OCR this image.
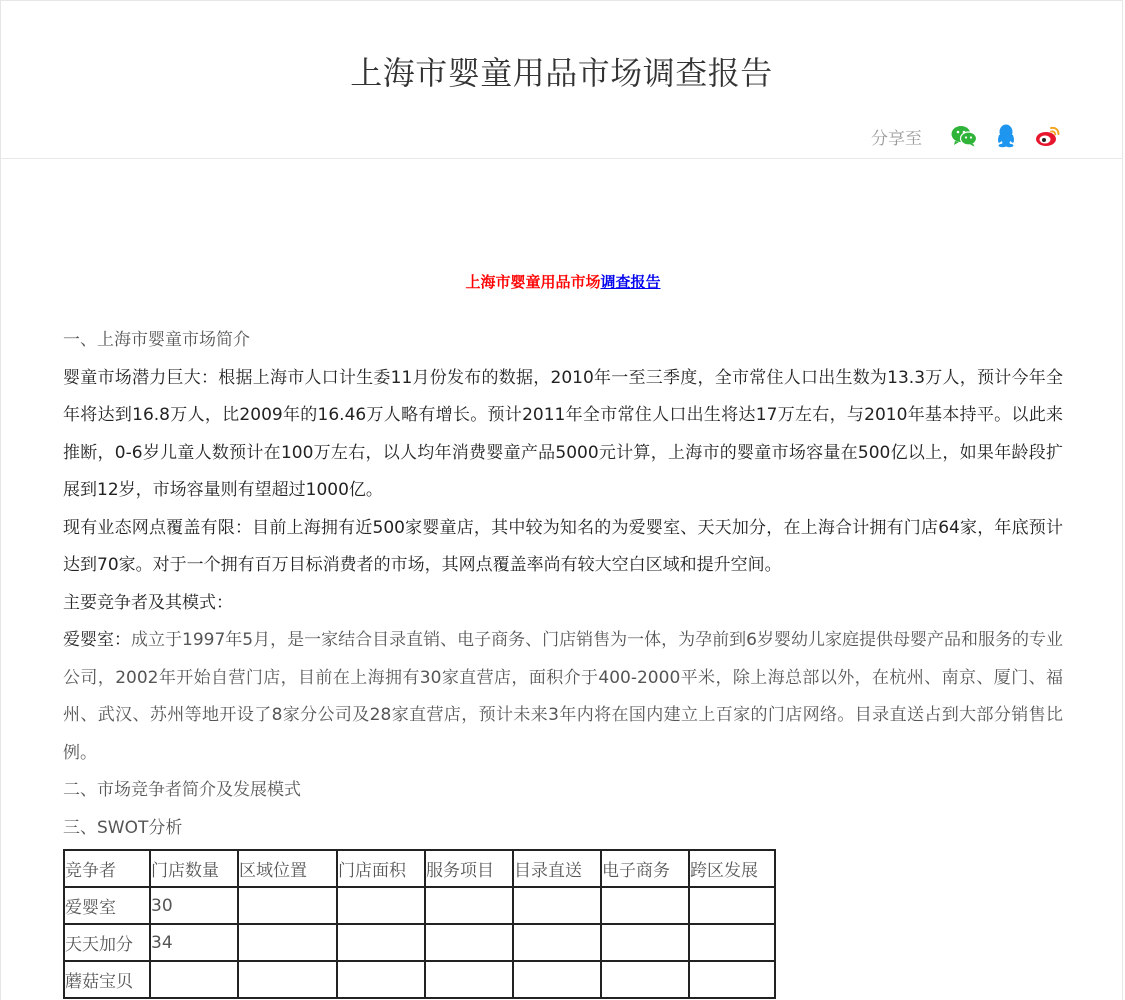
上海市婴童用品市场调查报告
分享至
上海市婴童用品市场调查报告

一、上海市婴童市场简介

婴童市场潜力巨大：根据上海市人口计生委11月份发布的数据，2010年一至三季度，全市常住人口出生数为13.3万人，预计今年全年将达到16.8万人，比2009年的16.46万人略有增长。预计2011年全市常住人口出生将达17万左右，与2010年基本持平。以此来推断，0-6岁儿童人数预计在100万左右，以人均年消费婴童产品5000元计算，上海市的婴童市场容量在500亿以上，如果年龄段扩展到12岁，市场容量则有望超过1000亿。

现有业态网点覆盖有限：目前上海拥有近500家婴童店，其中较为知名的为爱婴室、天天加分，在上海合计拥有门店64家，年底预计达到70家。对于一个拥有百万目标消费者的市场，其网点覆盖率尚有较大空白区域和提升空间。

主要竞争者及其模式：

爱婴室：成立于1997年5月，是一家结合目录直销、电子商务、门店销售为一体，为孕前到6岁婴幼儿家庭提供母婴产品和服务的专业公司，2002年开始自营门店，目前在上海拥有30家直营店，面积介于400-2000平米，除上海总部以外，在杭州、南京、厦门、福州、武汉、苏州等地开设了8家分公司及28家直营店，预计未来3年内将在国内建立上百家的门店网络。目录直送占到大部分销售比例。

二、市场竞争者简介及发展模式

三、SWOT分析

竞争者	门店数量	区域位置	门店面积	服务项目	目录直送	电子商务	跨区发展
爱婴室	30						
天天加分	34						
蘑菇宝贝							
